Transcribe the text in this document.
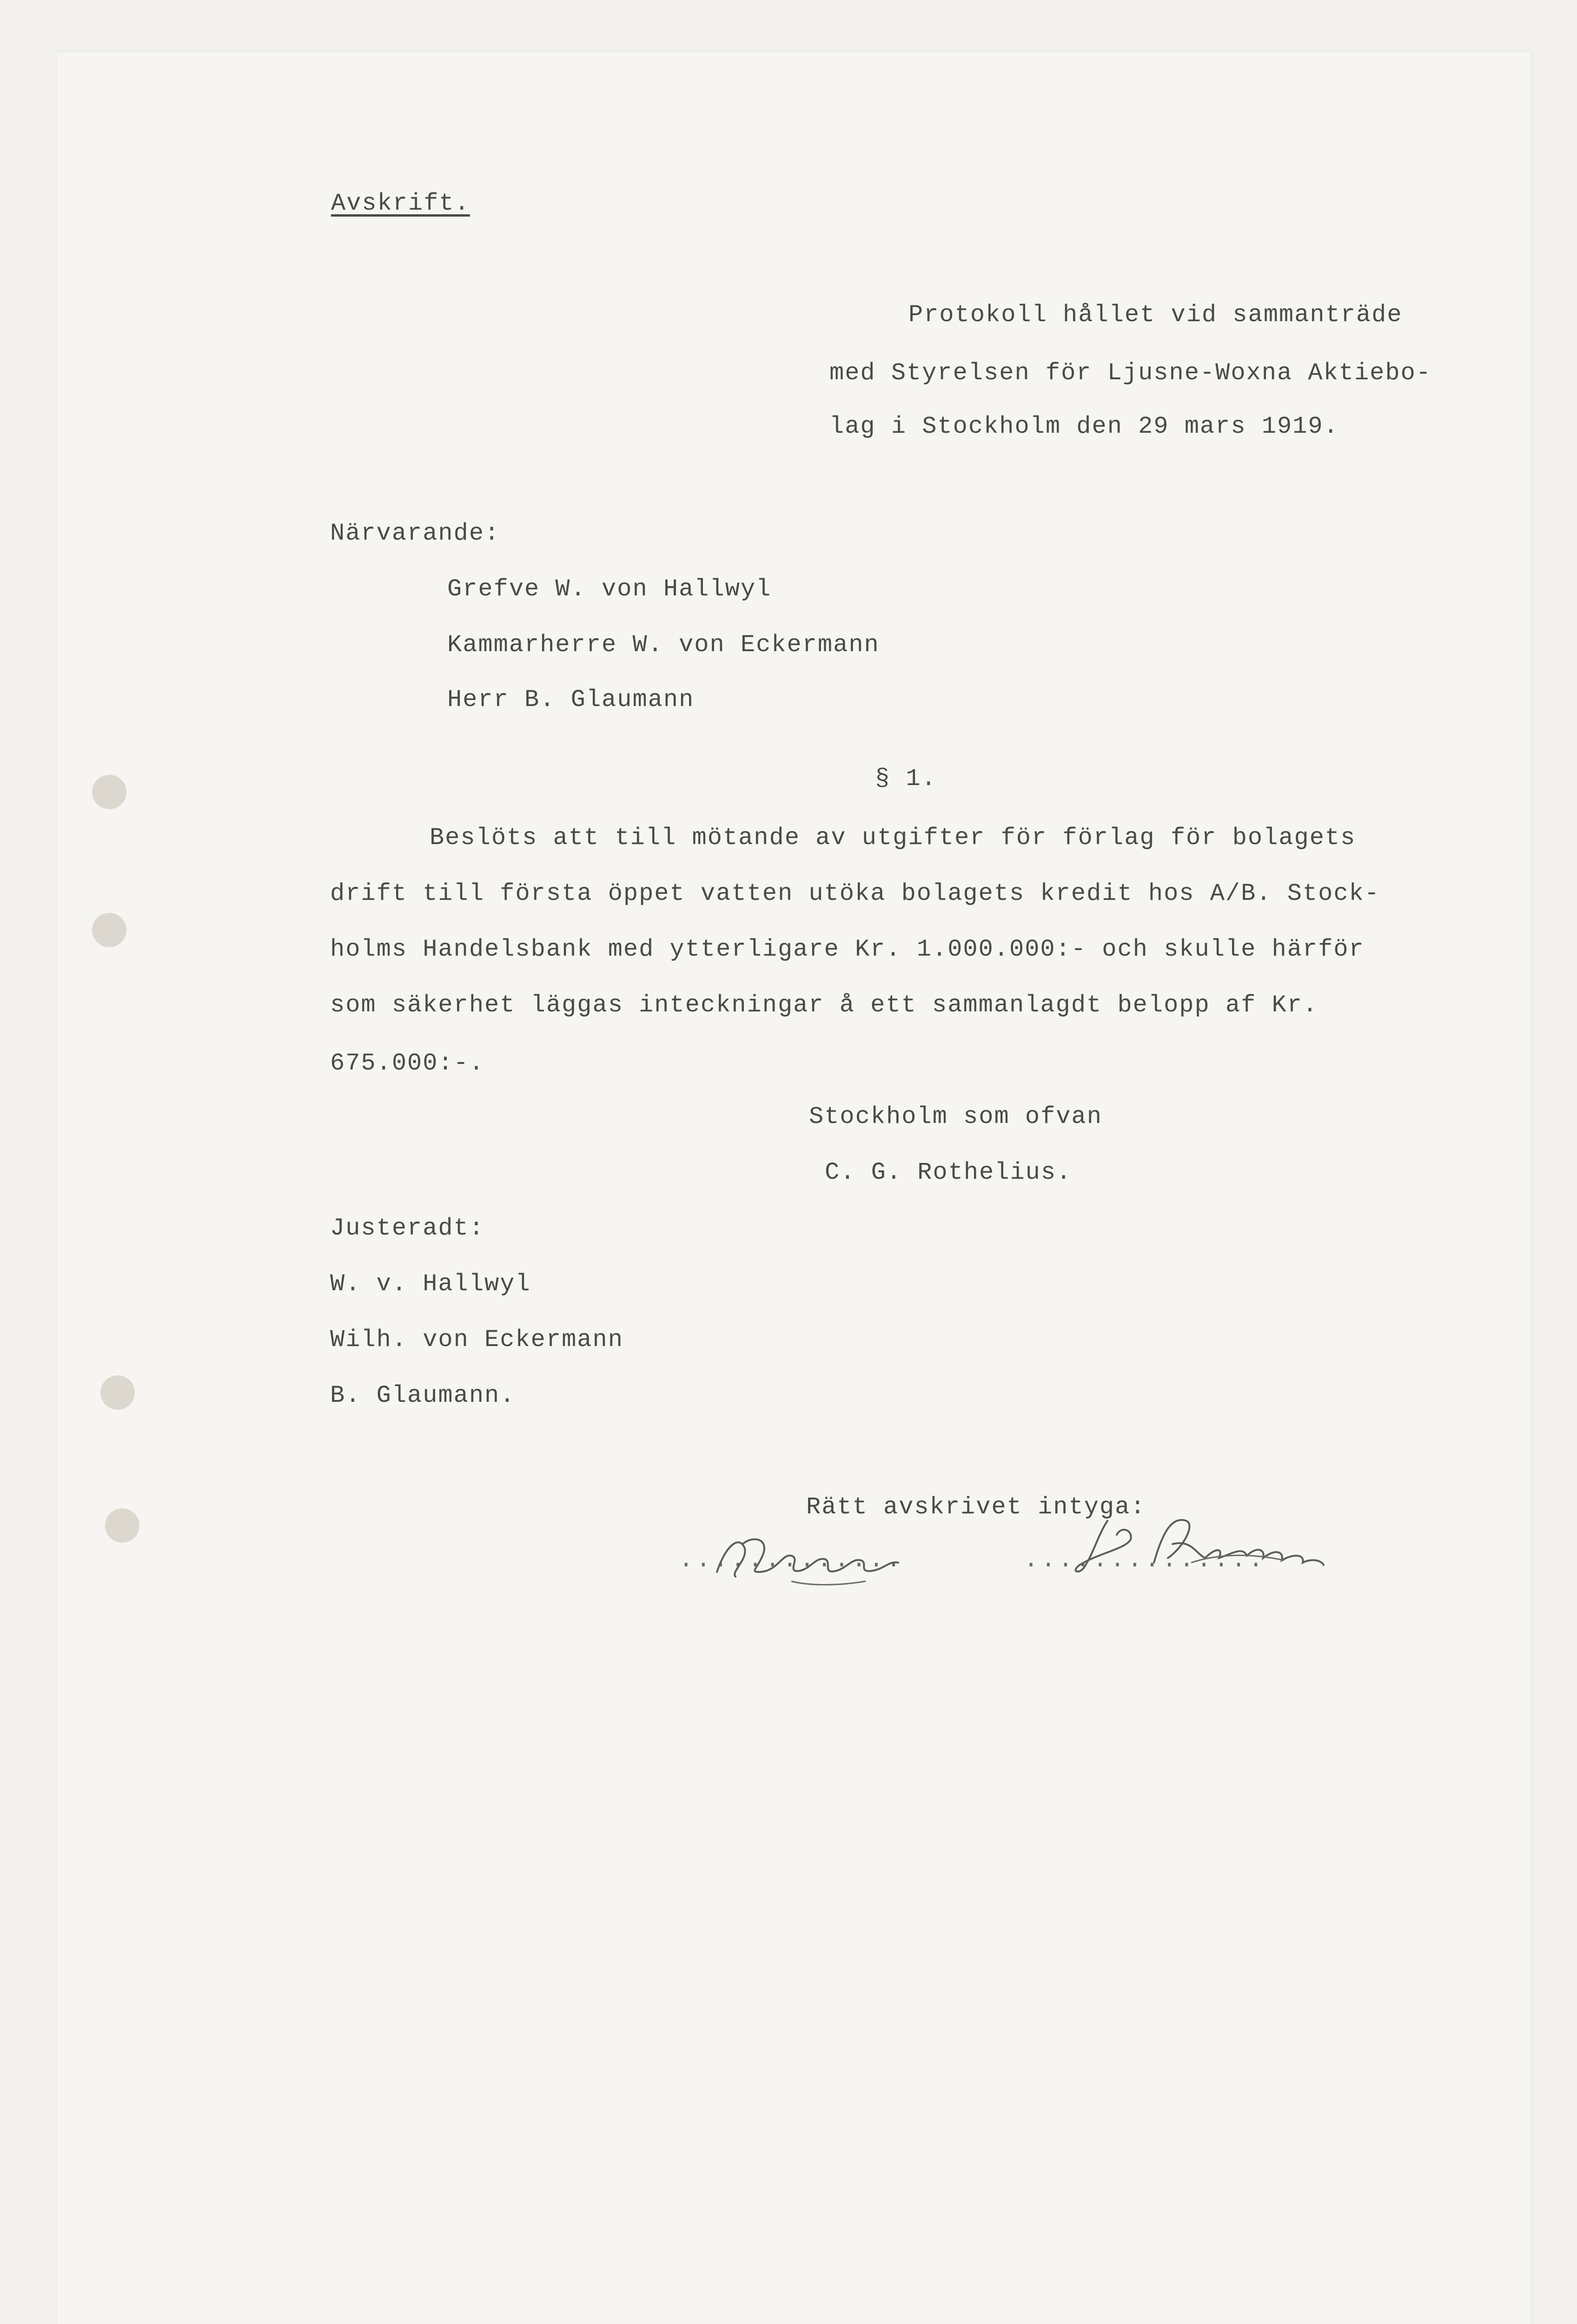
Avskrift.
Protokoll hållet vid sammanträde
med Styrelsen för Ljusne-Woxna Aktiebo-
lag i Stockholm den 29 mars 1919.
Närvarande:
Grefve W. von Hallwyl
Kammarherre W. von Eckermann
Herr B. Glaumann
§ 1.
Beslöts att till mötande av utgifter för förlag för bolagets
drift till första öppet vatten utöka bolagets kredit hos A/B. Stock-
holms Handelsbank med ytterligare Kr. 1.000.000:- och skulle härför
som säkerhet läggas inteckningar å ett sammanlagdt belopp af Kr.
675.000:-.
Stockholm som ofvan
C. G. Rothelius.
Justeradt:
W. v. Hallwyl
Wilh. von Eckermann
B. Glaumann.
Rätt avskrivet intyga:
.............	..............
